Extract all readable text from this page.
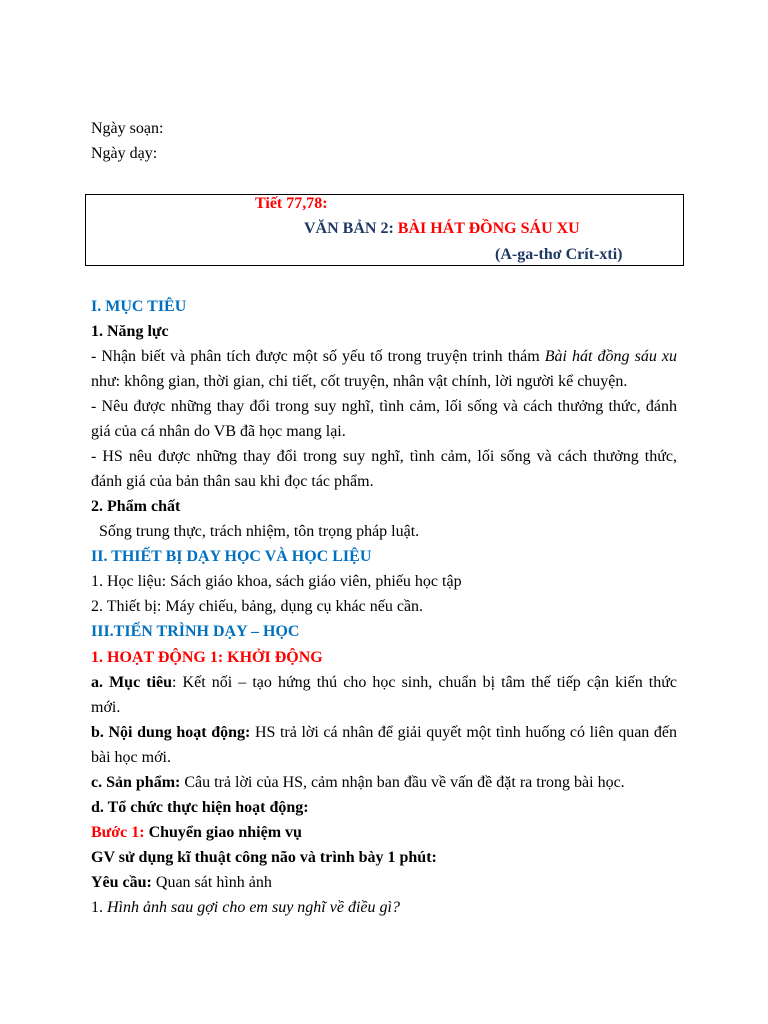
Ngày soạn:
Ngày dạy:
Tiết 77,78:
VĂN BẢN 2: BÀI HÁT ĐỒNG SÁU XU
(A-ga-thơ Crít-xti)
I. MỤC TIÊU
1. Năng lực
- Nhận biết và phân tích được một số yếu tố trong truyện trinh thám Bài hát đồng sáu xu
như: không gian, thời gian, chi tiết, cốt truyện, nhân vật chính, lời người kể chuyện.
- Nêu được những thay đổi trong suy nghĩ, tình cảm, lối sống và cách thưởng thức, đánh
giá của cá nhân do VB đã học mang lại.
- HS nêu được những thay đổi trong suy nghĩ, tình cảm, lối sống và cách thưởng thức,
đánh giá của bản thân sau khi đọc tác phẩm.
2. Phẩm chất
Sống trung thực, trách nhiệm, tôn trọng pháp luật.
II. THIẾT BỊ DẠY HỌC VÀ HỌC LIỆU
1. Học liệu: Sách giáo khoa, sách giáo viên, phiếu học tập
2. Thiết bị: Máy chiếu, bảng, dụng cụ khác nếu cần.
III.TIẾN TRÌNH DẠY – HỌC
1. HOẠT ĐỘNG 1: KHỞI ĐỘNG
a. Mục tiêu: Kết nối – tạo hứng thú cho học sinh, chuẩn bị tâm thế tiếp cận kiến thức
mới.
b. Nội dung hoạt động: HS trả lời cá nhân để giải quyết một tình huống có liên quan đến
bài học mới.
c. Sản phẩm: Câu trả lời của HS, cảm nhận ban đầu về vấn đề đặt ra trong bài học.
d. Tổ chức thực hiện hoạt động:
Bước 1: Chuyển giao nhiệm vụ
GV sử dụng kĩ thuật công não và trình bày 1 phút:
Yêu cầu: Quan sát hình ảnh
1. Hình ảnh sau gợi cho em suy nghĩ về điều gì?
